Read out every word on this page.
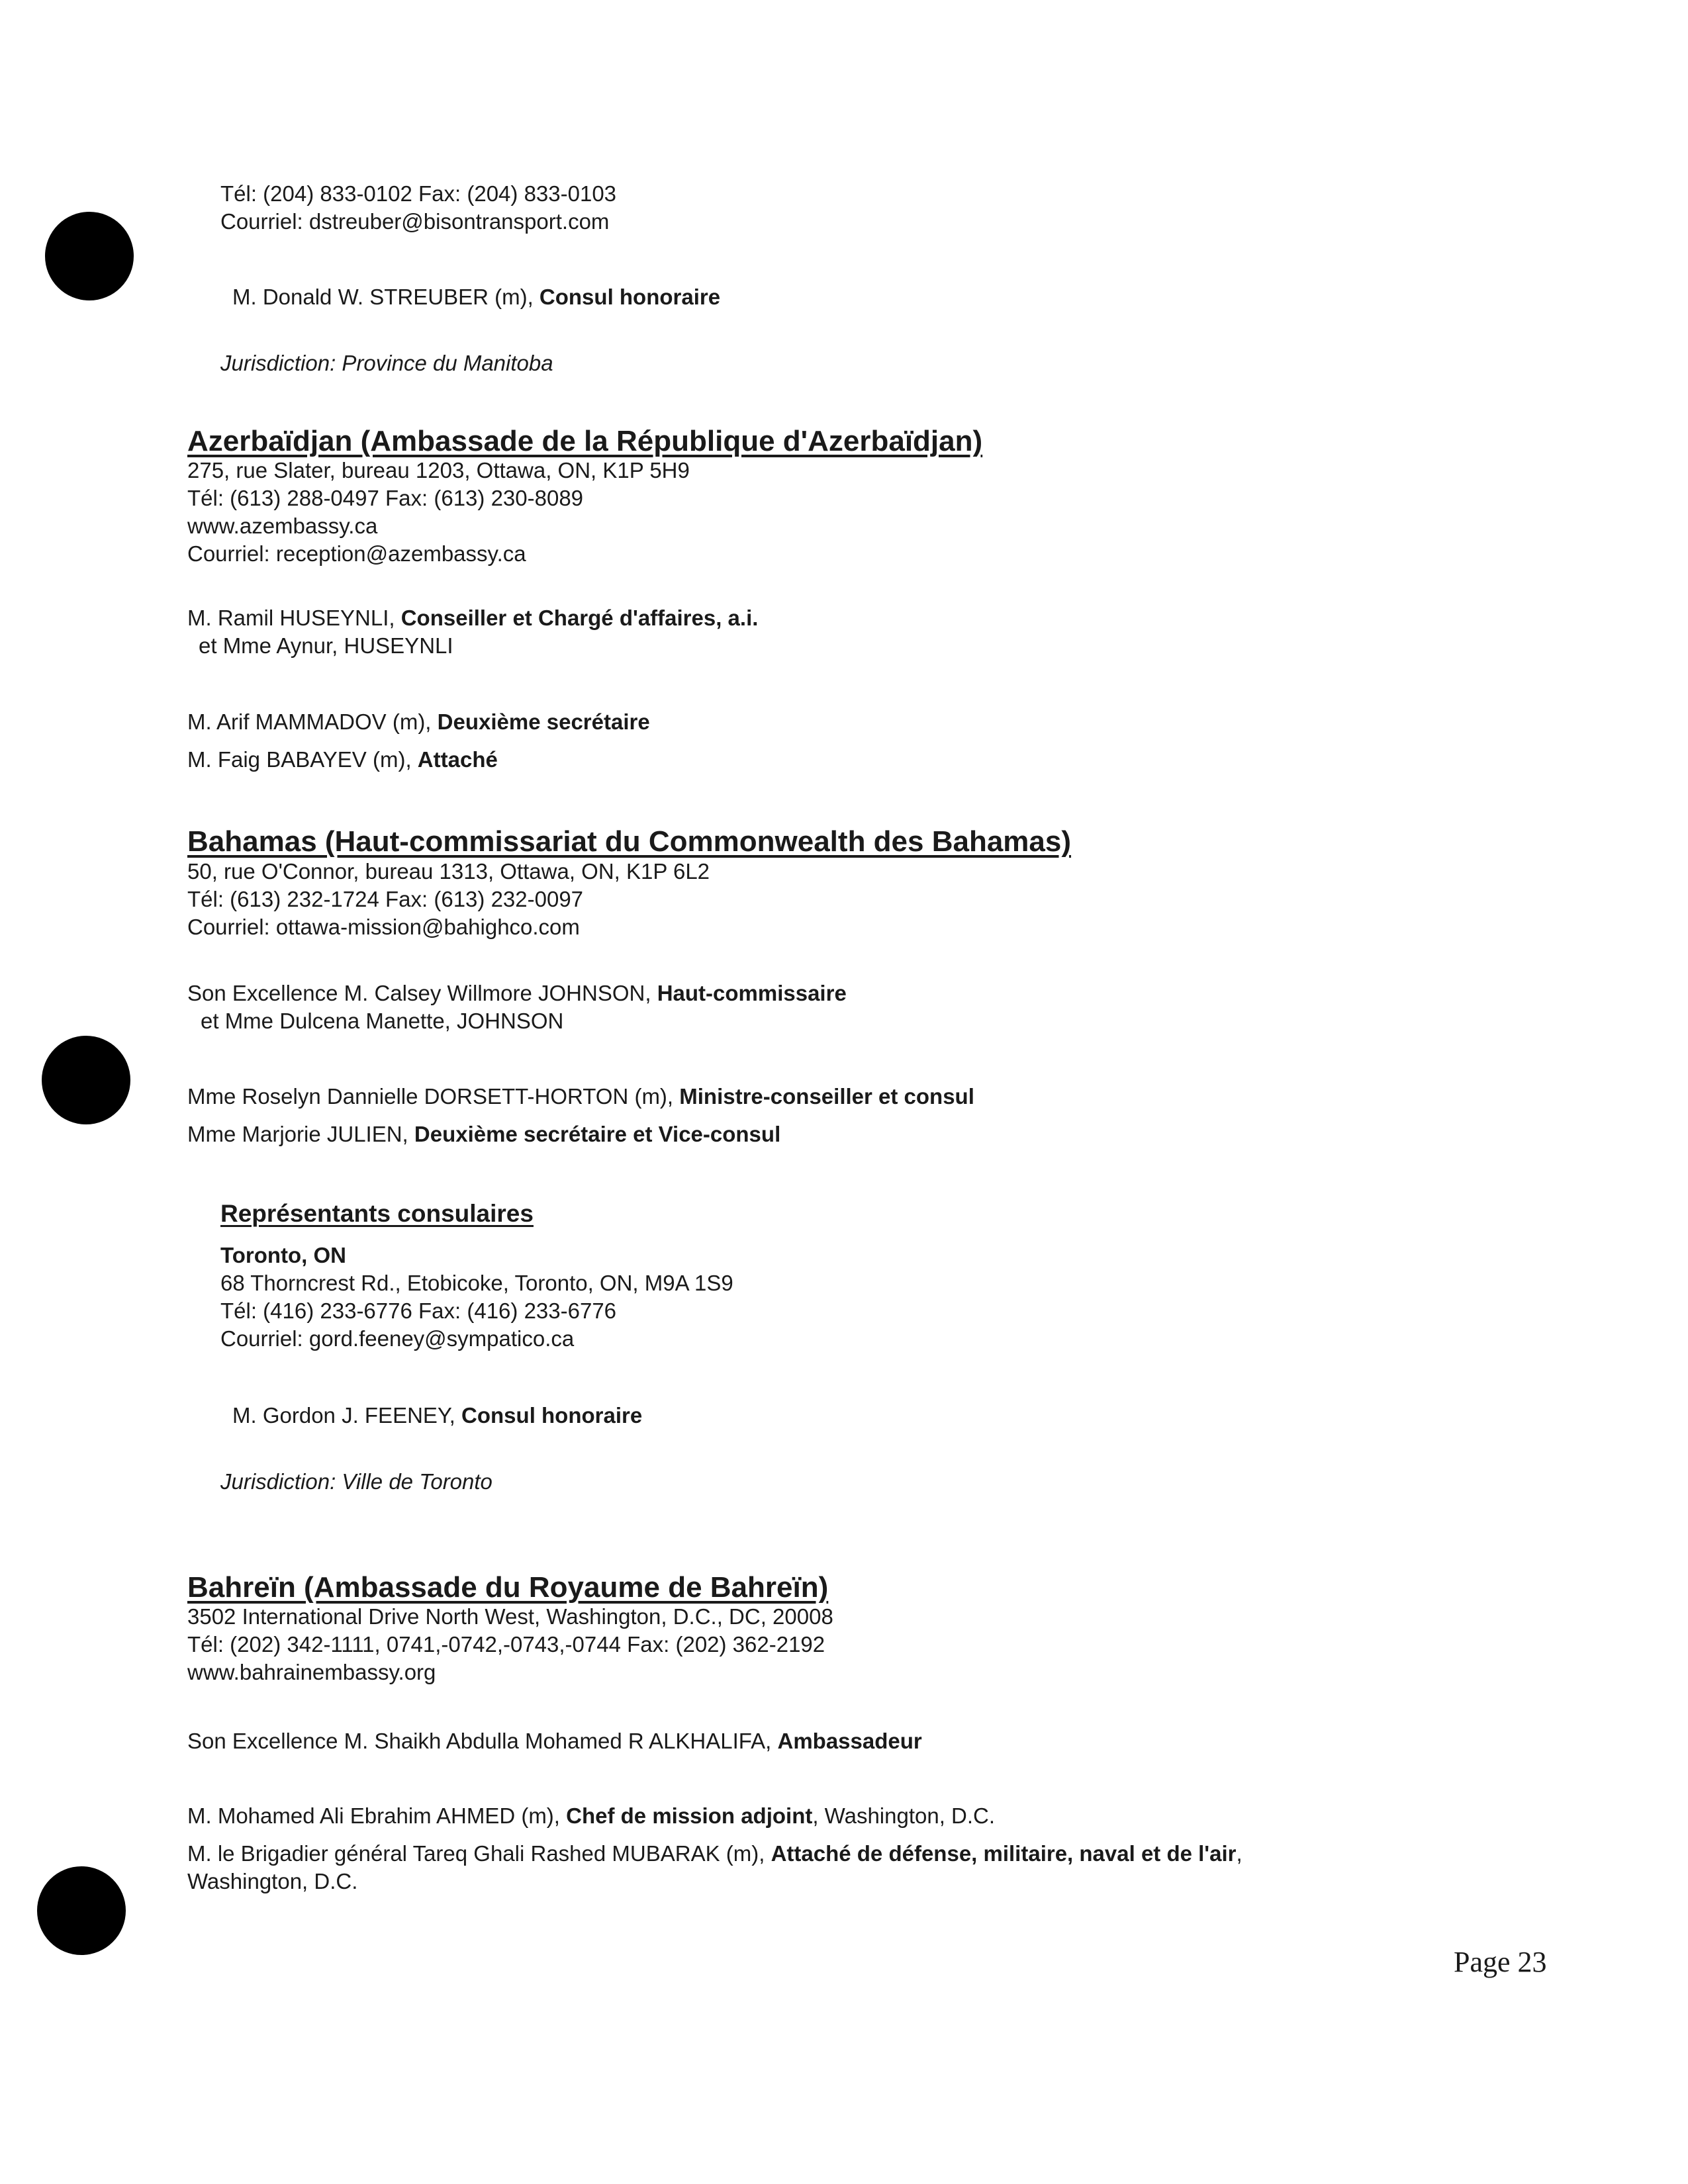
Tél: (204) 833-0102 Fax: (204) 833-0103
Courriel: dstreuber@bisontransport.com
M. Donald W. STREUBER (m), Consul honoraire
Jurisdiction: Province du Manitoba
Azerbaïdjan (Ambassade de la République d'Azerbaïdjan)
275, rue Slater, bureau 1203, Ottawa, ON, K1P 5H9
Tél: (613) 288-0497 Fax: (613) 230-8089
www.azembassy.ca
Courriel: reception@azembassy.ca
M. Ramil HUSEYNLI, Conseiller et Chargé d'affaires, a.i.
et Mme Aynur, HUSEYNLI
M. Arif MAMMADOV (m), Deuxième secrétaire
M. Faig BABAYEV (m), Attaché
Bahamas (Haut-commissariat du Commonwealth des Bahamas)
50, rue O'Connor, bureau 1313, Ottawa, ON, K1P 6L2
Tél: (613) 232-1724 Fax: (613) 232-0097
Courriel: ottawa-mission@bahighco.com
Son Excellence M. Calsey Willmore JOHNSON, Haut-commissaire
et Mme Dulcena Manette, JOHNSON
Mme Roselyn Dannielle DORSETT-HORTON (m), Ministre-conseiller et consul
Mme Marjorie JULIEN, Deuxième secrétaire et Vice-consul
Représentants consulaires
Toronto, ON
68 Thorncrest Rd., Etobicoke, Toronto, ON, M9A 1S9
Tél: (416) 233-6776 Fax: (416) 233-6776
Courriel: gord.feeney@sympatico.ca
M. Gordon J. FEENEY, Consul honoraire
Jurisdiction: Ville de Toronto
Bahreïn (Ambassade du Royaume de Bahreïn)
3502 International Drive North West, Washington, D.C., DC, 20008
Tél: (202) 342-1111, 0741,-0742,-0743,-0744 Fax: (202) 362-2192
www.bahrainembassy.org
Son Excellence M. Shaikh Abdulla Mohamed R ALKHALIFA, Ambassadeur
M. Mohamed Ali Ebrahim AHMED (m), Chef de mission adjoint, Washington, D.C.
M. le Brigadier général Tareq Ghali Rashed MUBARAK (m), Attaché de défense, militaire, naval et de l'air,
Washington, D.C.
Page 23
